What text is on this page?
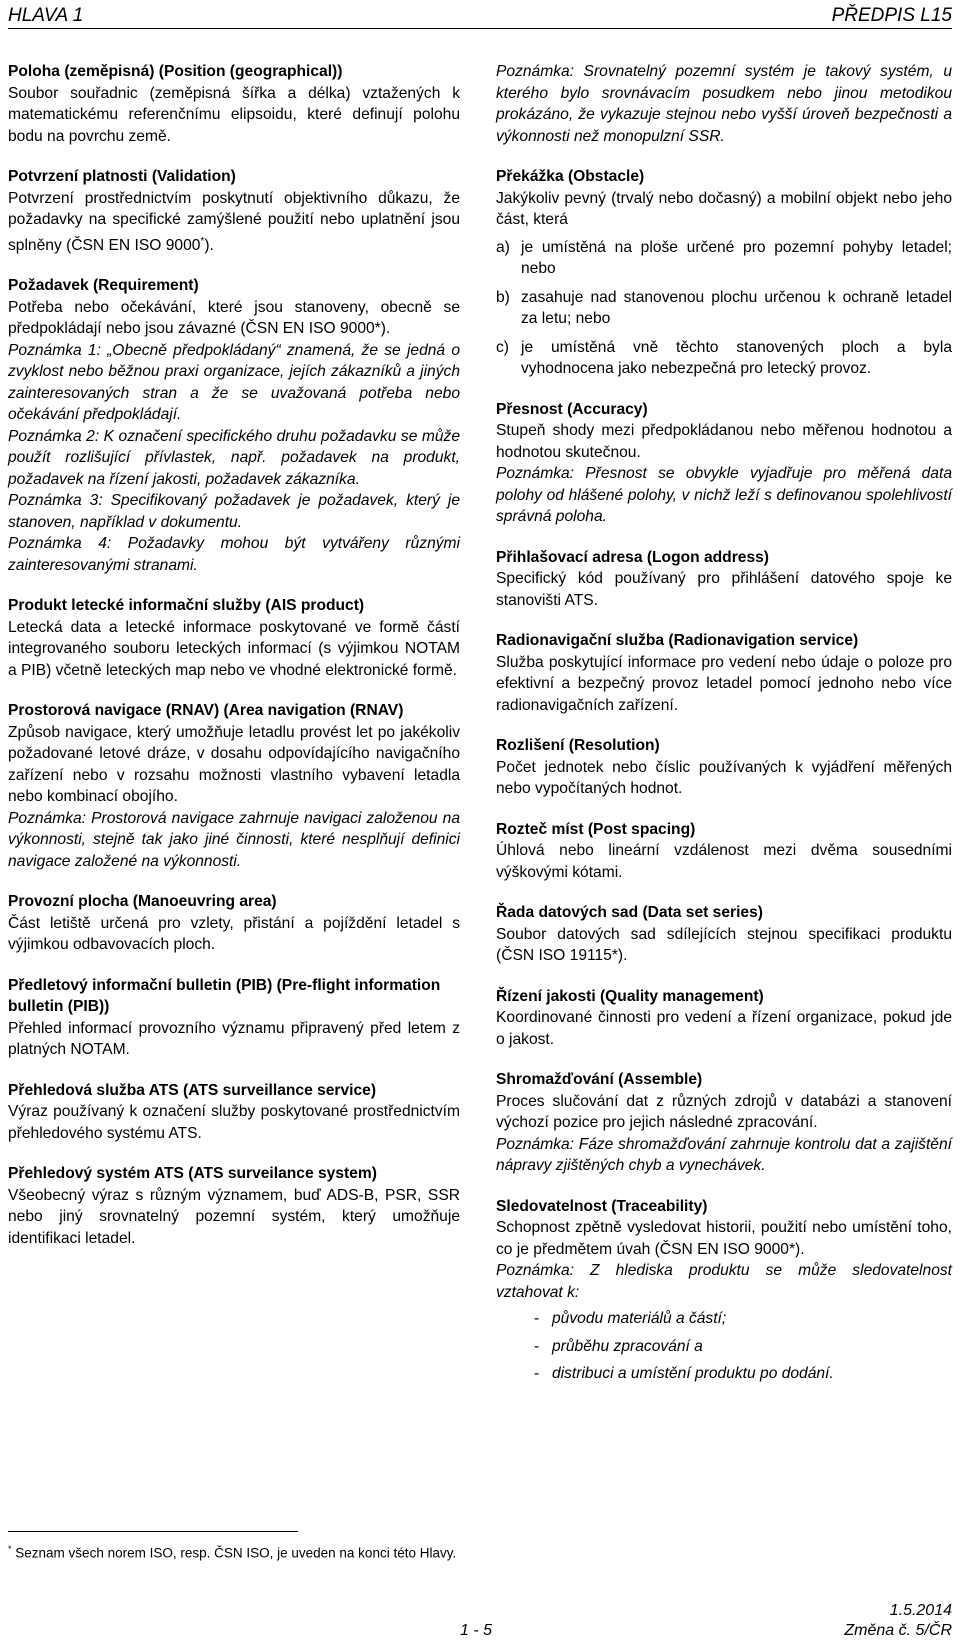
HLAVA 1	PŘEDPIS L15

Poloha (zeměpisná) (Position (geographical))

Soubor souřadnic (zeměpisná šířka a délka) vztažených k matematickému referenčnímu elipsoidu, které definují polohu bodu na povrchu země.

Potvrzení platnosti (Validation)

Potvrzení prostřednictvím poskytnutí objektivního důkazu, že požadavky na specifické zamýšlené použití nebo uplatnění jsou splněny (ČSN EN ISO 9000*).

Požadavek (Requirement)

Potřeba nebo očekávání, které jsou stanoveny, obecně se předpokládají nebo jsou závazné (ČSN EN ISO 9000*).

Poznámka 1: „Obecně předpokládaný“ znamená, že se jedná o zvyklost nebo běžnou praxi organizace, jejích zákazníků a jiných zainteresovaných stran a že se uvažovaná potřeba nebo očekávání předpokládají.

Poznámka 2: K označení specifického druhu požadavku se může použít rozlišující přívlastek, např. požadavek na produkt, požadavek na řízení jakosti, požadavek zákazníka.

Poznámka 3: Specifikovaný požadavek je požadavek, který je stanoven, například v dokumentu.

Poznámka 4: Požadavky mohou být vytvářeny různými zainteresovanými stranami.

Produkt letecké informační služby (AIS product)

Letecká data a letecké informace poskytované ve formě částí integrovaného souboru leteckých informací (s výjimkou NOTAM a PIB) včetně leteckých map nebo ve vhodné elektronické formě.

Prostorová navigace (RNAV) (Area navigation (RNAV)

Způsob navigace, který umožňuje letadlu provést let po jakékoliv požadované letové dráze, v dosahu odpovídajícího navigačního zařízení nebo v rozsahu možnosti vlastního vybavení letadla nebo kombinací obojího.

Poznámka: Prostorová navigace zahrnuje navigaci založenou na výkonnosti, stejně tak jako jiné činnosti, které nesplňují definici navigace založené na výkonnosti.

Provozní plocha (Manoeuvring area)

Část letiště určená pro vzlety, přistání a pojíždění letadel s výjimkou odbavovacích ploch.

Předletový informační bulletin (PIB) (Pre-flight information bulletin (PIB))

Přehled informací provozního významu připravený před letem z platných NOTAM.

Přehledová služba ATS (ATS surveillance service)

Výraz používaný k označení služby poskytované prostřednictvím přehledového systému ATS.

Přehledový systém ATS (ATS surveilance system)

Všeobecný výraz s různým významem, buď ADS-B, PSR, SSR nebo jiný srovnatelný pozemní systém, který umožňuje identifikaci letadel.

Poznámka: Srovnatelný pozemní systém je takový systém, u kterého bylo srovnávacím posudkem nebo jinou metodikou prokázáno, že vykazuje stejnou nebo vyšší úroveň bezpečnosti a výkonnosti než monopulzní SSR.

Překážka (Obstacle)

Jakýkoliv pevný (trvalý nebo dočasný) a mobilní objekt nebo jeho část, která

a) je umístěná na ploše určené pro pozemní pohyby letadel; nebo
b) zasahuje nad stanovenou plochu určenou k ochraně letadel za letu; nebo
c) je umístěná vně těchto stanovených ploch a byla vyhodnocena jako nebezpečná pro letecký provoz.

Přesnost (Accuracy)

Stupeň shody mezi předpokládanou nebo měřenou hodnotou a hodnotou skutečnou.

Poznámka: Přesnost se obvykle vyjadřuje pro měřená data polohy od hlášené polohy, v nichž leží s definovanou spolehlivostí správná poloha.

Přihlašovací adresa (Logon address)

Specifický kód používaný pro přihlášení datového spoje ke stanovišti ATS.

Radionavigační služba (Radionavigation service)

Služba poskytující informace pro vedení nebo údaje o poloze pro efektivní a bezpečný provoz letadel pomocí jednoho nebo více radionavigačních zařízení.

Rozlišení (Resolution)

Počet jednotek nebo číslic používaných k vyjádření měřených nebo vypočítaných hodnot.

Rozteč míst (Post spacing)

Úhlová nebo lineární vzdálenost mezi dvěma sousedními výškovými kótami.

Řada datových sad (Data set series)

Soubor datových sad sdílejících stejnou specifikaci produktu (ČSN ISO 19115*).

Řízení jakosti (Quality management)

Koordinované činnosti pro vedení a řízení organizace, pokud jde o jakost.

Shromažďování (Assemble)

Proces slučování dat z různých zdrojů v databázi a stanovení výchozí pozice pro jejich následné zpracování.

Poznámka: Fáze shromažďování zahrnuje kontrolu dat a zajištění nápravy zjištěných chyb a vynechávek.

Sledovatelnost (Traceability)

Schopnost zpětně vysledovat historii, použití nebo umístění toho, co je předmětem úvah (ČSN EN ISO 9000*).

Poznámka: Z hlediska produktu se může sledovatelnost vztahovat k:

- původu materiálů a částí;
- průběhu zpracování a
- distribuci a umístění produktu po dodání.
* Seznam všech norem ISO, resp. ČSN ISO, je uveden na konci této Hlavy.
1.5.2014
1 - 5	Změna č. 5/ČR
